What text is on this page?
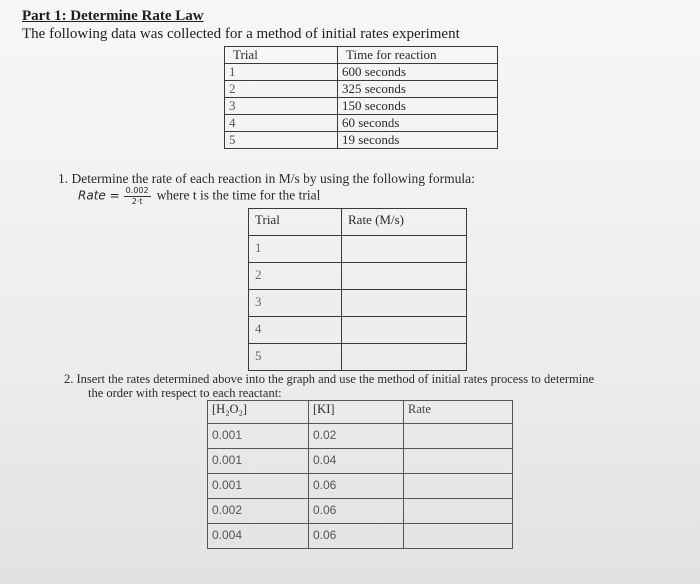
Part 1: Determine Rate Law
The following data was collected for a method of initial rates experiment
Trial	Time for reaction
1	600 seconds
2	325 seconds
3	150 seconds
4	60 seconds
5	19 seconds
1. Determine the rate of each reaction in M/s by using the following formula:
Rate = $\frac{0.002}{2\cdot t}$ where t is the time for the trial
Trial	Rate (M/s)
1	
2	
3	
4	
5	
2. Insert the rates determined above into the graph and use the method of initial rates process to determine
the order with respect to each reactant:
[H₂O₂]	[KI]	Rate
0.001	0.02	
0.001	0.04	
0.001	0.06	
0.002	0.06	
0.004	0.06	
